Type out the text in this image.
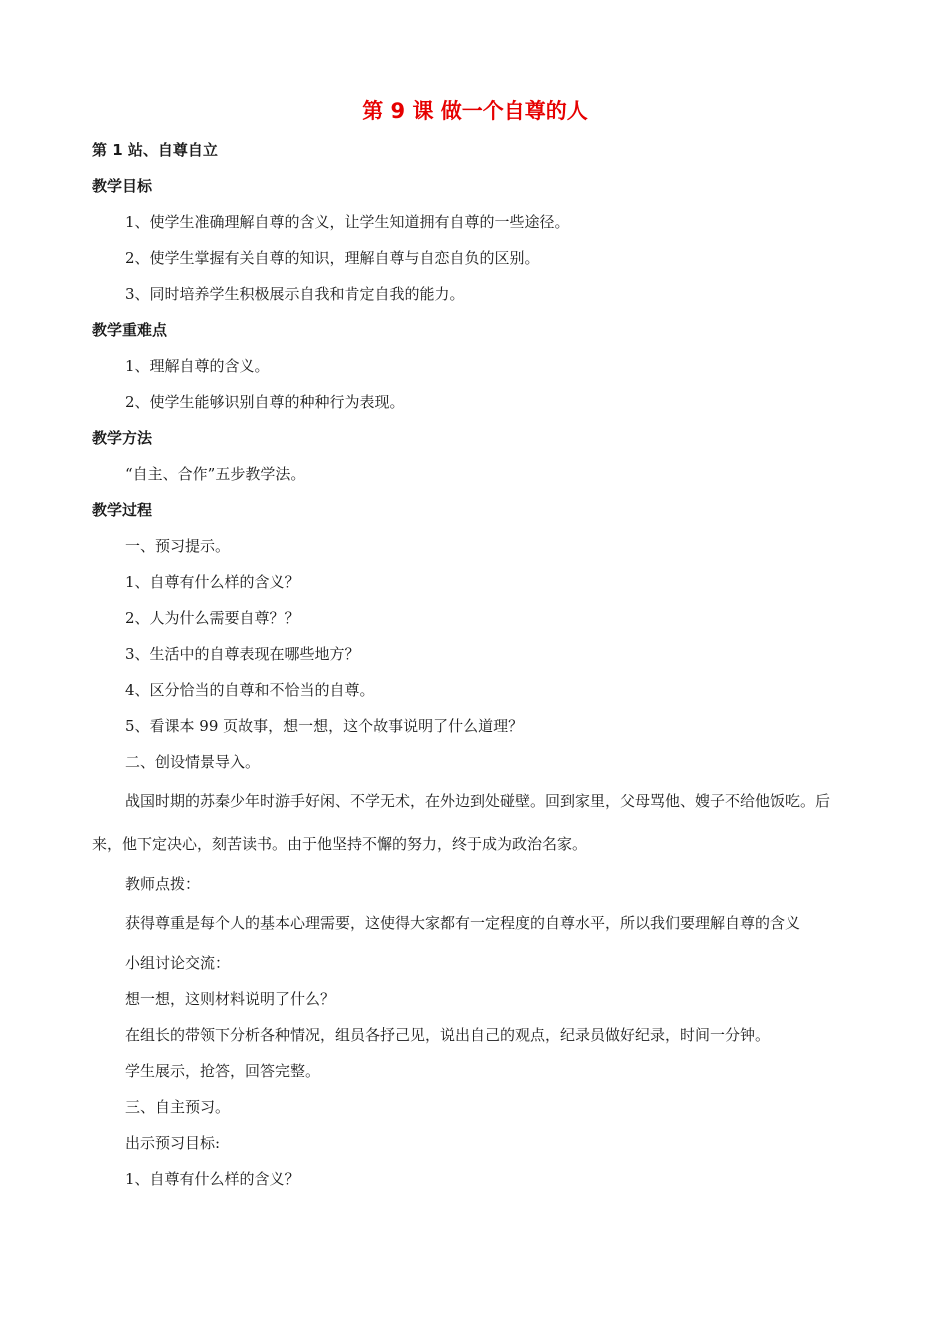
第 9 课 做一个自尊的人

第 1 站、自尊自立

教学目标

1、使学生准确理解自尊的含义，让学生知道拥有自尊的一些途径。

2、使学生掌握有关自尊的知识，理解自尊与自恋自负的区别。

3、同时培养学生积极展示自我和肯定自我的能力。

教学重难点

1、理解自尊的含义。

2、使学生能够识别自尊的种种行为表现。

教学方法

“自主、合作”五步教学法。

教学过程

一、预习提示。

1、自尊有什么样的含义？

2、人为什么需要自尊？？

3、生活中的自尊表现在哪些地方？

4、区分恰当的自尊和不恰当的自尊。

5、看课本 99 页故事，想一想，这个故事说明了什么道理？

二、创设情景导入。

战国时期的苏秦少年时游手好闲、不学无术，在外边到处碰壁。回到家里，父母骂他、嫂子不给他饭吃。后来，他下定决心，刻苦读书。由于他坚持不懈的努力，终于成为政治名家。

教师点拨：

获得尊重是每个人的基本心理需要，这使得大家都有一定程度的自尊水平，所以我们要理解自尊的含义

小组讨论交流：

想一想，这则材料说明了什么？

在组长的带领下分析各种情况，组员各抒己见，说出自己的观点，纪录员做好纪录，时间一分钟。

学生展示，抢答，回答完整。

三、自主预习。

出示预习目标:

1、自尊有什么样的含义？
